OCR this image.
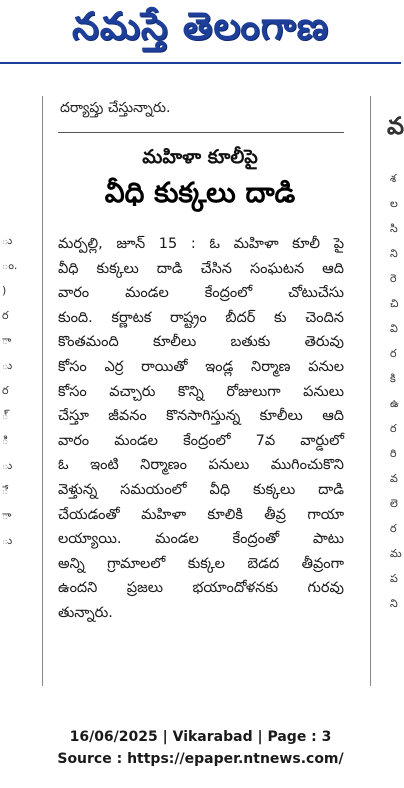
నమస్తే తెలంగాణ
దర్యాప్తు చేస్తున్నారు.
మహిళా కూలీపై
వీధి కుక్కలు దాడి
మర్పల్లి, జూన్ 15 : ఓ మహిళా కూలీ పై
వీధి కుక్కలు దాడి చేసిన సంఘటన ఆది
వారం మండల కేంద్రంలో చోటుచేసు
కుంది. కర్ణాటక రాష్ట్రం బీదర్ కు చెందిన
కొంతమంది కూలీలు బతుకు తెరువు
కోసం ఎర్ర రాయితో ఇండ్ల నిర్మాణ పనుల
కోసం వచ్చారు కొన్ని రోజులుగా పనులు
చేస్తూ జీవనం కొనసాగిస్తున్న కూలీలు ఆది
వారం మండల కేంద్రంలో 7వ వార్డులో
ఓ ఇంటి నిర్మాణం పనులు ముగించుకొని
వెళ్తున్న సమయంలో వీధి కుక్కలు దాడి
చేయడంతో మహిళా కూలికి తీవ్ర గాయా
లయ్యాయి. మండల కేంద్రంతో పాటు
అన్ని గ్రామాలలో కుక్కల బెడద తీవ్రంగా
ఉందని ప్రజలు భయాందోళనకు గురవు
తున్నారు.
ు
ం.
)
ర
ా
ు
ర
్
ి
ు
ే
ా
ు
వ
శ
ల
సి
ని
రె
చి
వి
ర
కి
ఉ
ర
రి
వ
లె
ర
మ
ప
ని
16/06/2025 | Vikarabad | Page : 3
Source : https://epaper.ntnews.com/
